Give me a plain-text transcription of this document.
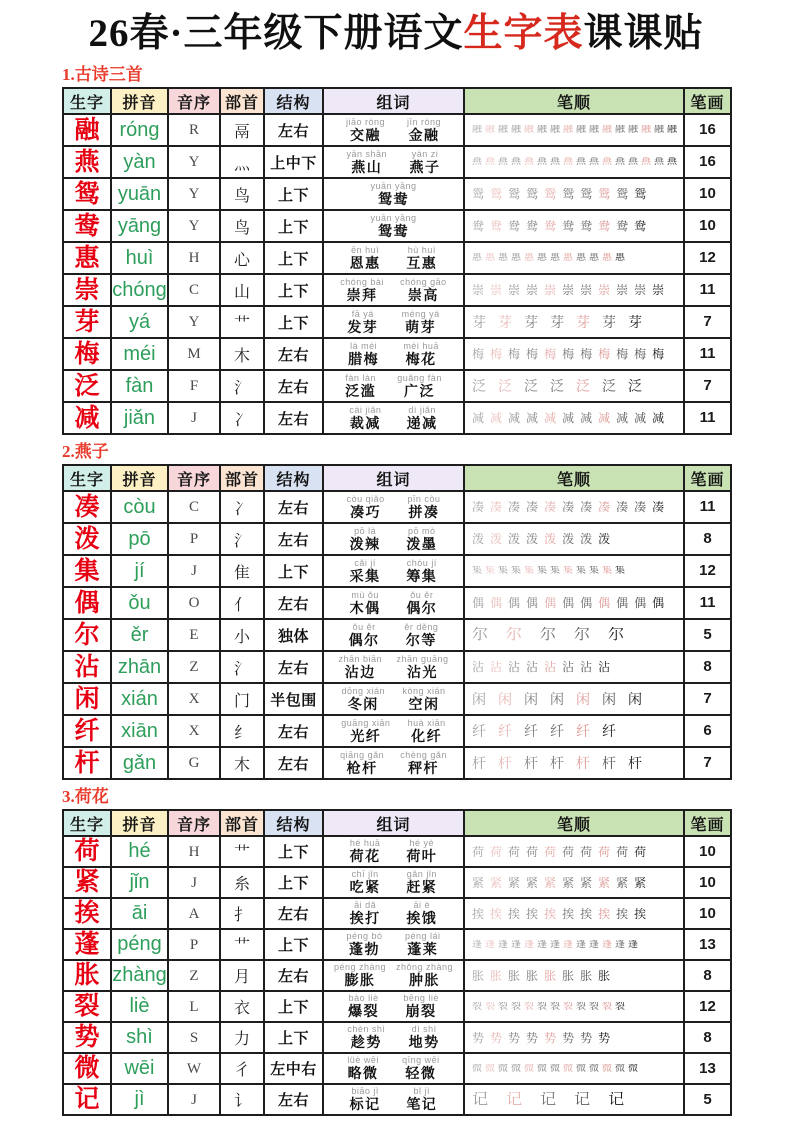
26春·三年级下册语文生字表课课贴
1.古诗三首
生字	拼音	音序	部首	结构	组词	笔顺	笔画
融	róng	R	鬲	左右	
jiāo róng
交融
jīn róng
金融	融 融 融 融 融 融 融 融 融 融 融 融 融 融 融 融	16
燕	yàn	Y	灬	上中下	
yān shān
燕山
yàn zi
燕子	燕 燕 燕 燕 燕 燕 燕 燕 燕 燕 燕 燕 燕 燕 燕 燕	16
鸳	yuān	Y	鸟	上下	
yuān yāng
鸳鸯	鸳 鸳 鸳 鸳 鸳 鸳 鸳 鸳 鸳 鸳	10
鸯	yāng	Y	鸟	上下	
yuān yāng
鸳鸯	鸯 鸯 鸯 鸯 鸯 鸯 鸯 鸯 鸯 鸯	10
惠	huì	H	心	上下	
ēn huì
恩惠
hù huì
互惠	惠 惠 惠 惠 惠 惠 惠 惠 惠 惠 惠 惠	12
崇	chóng	C	山	上下	
chóng bài
崇拜
chóng gāo
崇高	崇 崇 崇 崇 崇 崇 崇 崇 崇 崇 崇	11
芽	yá	Y	艹	上下	
fā yá
发芽
méng yá
萌芽	芽 芽 芽 芽 芽 芽 芽	7
梅	méi	M	木	左右	
là méi
腊梅
méi huā
梅花	梅 梅 梅 梅 梅 梅 梅 梅 梅 梅 梅	11
泛	fàn	F	氵	左右	
fàn làn
泛滥
guǎng fàn
广泛	泛 泛 泛 泛 泛 泛 泛	7
减	jiǎn	J	冫	左右	
cái jiǎn
裁减
dì jiǎn
递减	减 减 减 减 减 减 减 减 减 减 减	11
2.燕子
生字	拼音	音序	部首	结构	组词	笔顺	笔画
凑	còu	C	冫	左右	
còu qiǎo
凑巧
pīn còu
拼凑	凑 凑 凑 凑 凑 凑 凑 凑 凑 凑 凑	11
泼	pō	P	氵	左右	
pō là
泼辣
pō mò
泼墨	泼 泼 泼 泼 泼 泼 泼 泼	8
集	jí	J	隹	上下	
cǎi jí
采集
chóu jí
筹集	集 集 集 集 集 集 集 集 集 集 集 集	12
偶	ǒu	O	亻	左右	
mù ǒu
木偶
ǒu ěr
偶尔	偶 偶 偶 偶 偶 偶 偶 偶 偶 偶 偶	11
尔	ěr	E	小	独体	
ǒu ěr
偶尔
ěr děng
尔等	尔 尔 尔 尔 尔	5
沾	zhān	Z	氵	左右	
zhān biān
沾边
zhān guāng
沾光	沾 沾 沾 沾 沾 沾 沾 沾	8
闲	xián	X	门	半包围	
dōng xián
冬闲
kòng xián
空闲	闲 闲 闲 闲 闲 闲 闲	7
纤	xiān	X	纟	左右	
guāng xiān
光纤
huà xiān
化纤	纤 纤 纤 纤 纤 纤	6
杆	gǎn	G	木	左右	
qiāng gǎn
枪杆
chèng gǎn
秤杆	杆 杆 杆 杆 杆 杆 杆	7
3.荷花
生字	拼音	音序	部首	结构	组词	笔顺	笔画
荷	hé	H	艹	上下	
hé huā
荷花
hé yè
荷叶	荷 荷 荷 荷 荷 荷 荷 荷 荷 荷	10
紧	jǐn	J	糸	上下	
chī jǐn
吃紧
gǎn jǐn
赶紧	紧 紧 紧 紧 紧 紧 紧 紧 紧 紧	10
挨	āi	A	扌	左右	
āi dǎ
挨打
āi è
挨饿	挨 挨 挨 挨 挨 挨 挨 挨 挨 挨	10
蓬	péng	P	艹	上下	
péng bó
蓬勃
péng lái
蓬莱	蓬 蓬 蓬 蓬 蓬 蓬 蓬 蓬 蓬 蓬 蓬 蓬 蓬	13
胀	zhàng	Z	月	左右	
péng zhàng
膨胀
zhǒng zhàng
肿胀	胀 胀 胀 胀 胀 胀 胀 胀	8
裂	liè	L	衣	上下	
bào liè
爆裂
bēng liè
崩裂	裂 裂 裂 裂 裂 裂 裂 裂 裂 裂 裂 裂	12
势	shì	S	力	上下	
chèn shì
趁势
dì shì
地势	势 势 势 势 势 势 势 势	8
微	wēi	W	彳	左中右	
lüè wēi
略微
qīng wēi
轻微	微 微 微 微 微 微 微 微 微 微 微 微 微	13
记	jì	J	讠	左右	
biāo jì
标记
bǐ jì
笔记	记 记 记 记 记	5
